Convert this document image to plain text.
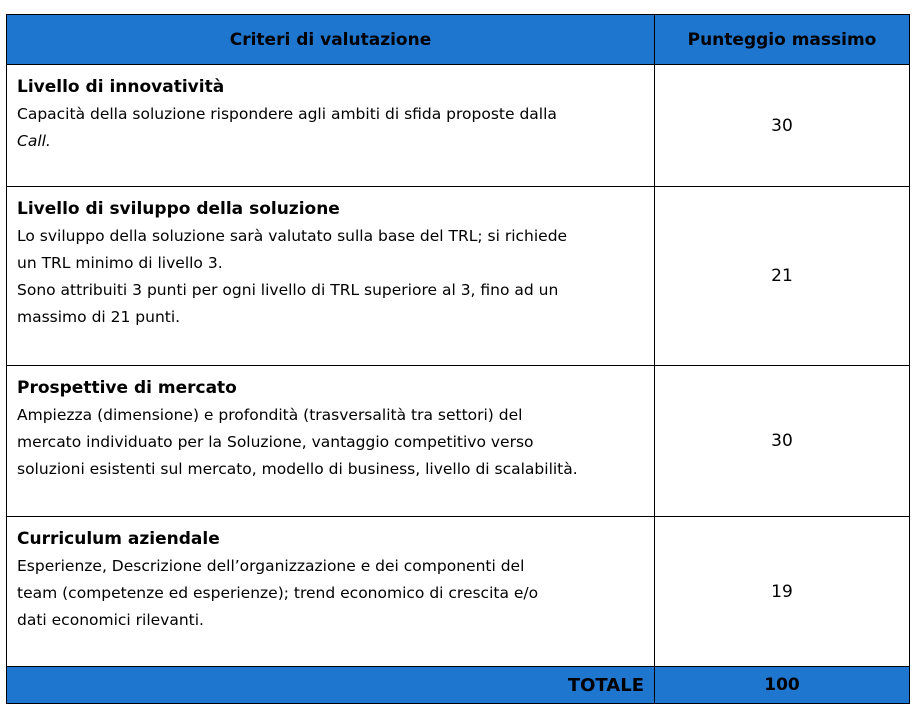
Criteri di valutazione	Punteggio massimo

Livello di innovatività
Capacità della soluzione rispondere agli ambiti di sfida proposte dalla
Call.	30

Livello di sviluppo della soluzione
Lo sviluppo della soluzione sarà valutato sulla base del TRL; si richiede
un TRL minimo di livello 3.
Sono attribuiti 3 punti per ogni livello di TRL superiore al 3, fino ad un
massimo di 21 punti.	21

Prospettive di mercato
Ampiezza (dimensione) e profondità (trasversalità tra settori) del
mercato individuato per la Soluzione, vantaggio competitivo verso
soluzioni esistenti sul mercato, modello di business, livello di scalabilità.	30

Curriculum aziendale
Esperienze, Descrizione dell’organizzazione e dei componenti del
team (competenze ed esperienze); trend economico di crescita e/o
dati economici rilevanti.	19
TOTALE	100
